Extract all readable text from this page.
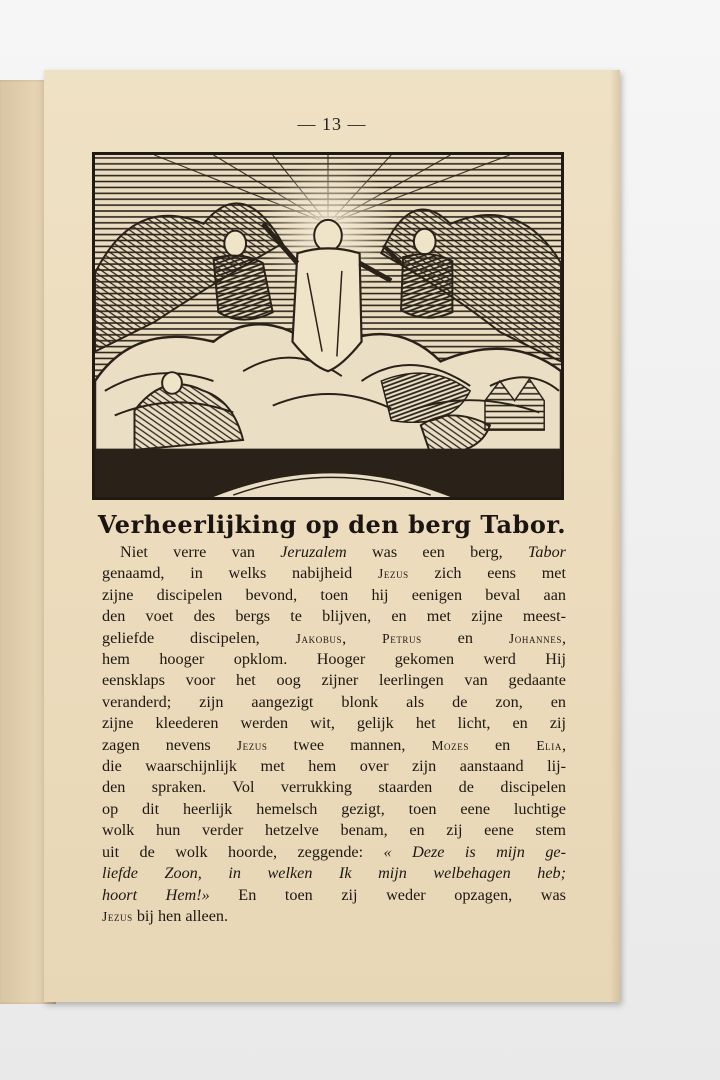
— 13 —
Verheerlijking op den berg Tabor.
Niet verre van Jeruzalem was een berg, Tabor
genaamd, in welks nabijheid Jezus zich eens met
zijne discipelen bevond, toen hij eenigen beval aan
den voet des bergs te blijven, en met zijne meest-
geliefde discipelen, Jakobus, Petrus en Johannes,
hem hooger opklom. Hooger gekomen werd Hij
eensklaps voor het oog zijner leerlingen van gedaante
veranderd; zijn aangezigt blonk als de zon, en
zijne kleederen werden wit, gelijk het licht, en zij
zagen nevens Jezus twee mannen, Mozes en Elia,
die waarschijnlijk met hem over zijn aanstaand lij-
den spraken. Vol verrukking staarden de discipelen
op dit heerlijk hemelsch gezigt, toen eene luchtige
wolk hun verder hetzelve benam, en zij eene stem
uit de wolk hoorde, zeggende: « Deze is mijn ge-
liefde Zoon, in welken Ik mijn welbehagen heb;
hoort Hem!» En toen zij weder opzagen, was
Jezus bij hen alleen.
